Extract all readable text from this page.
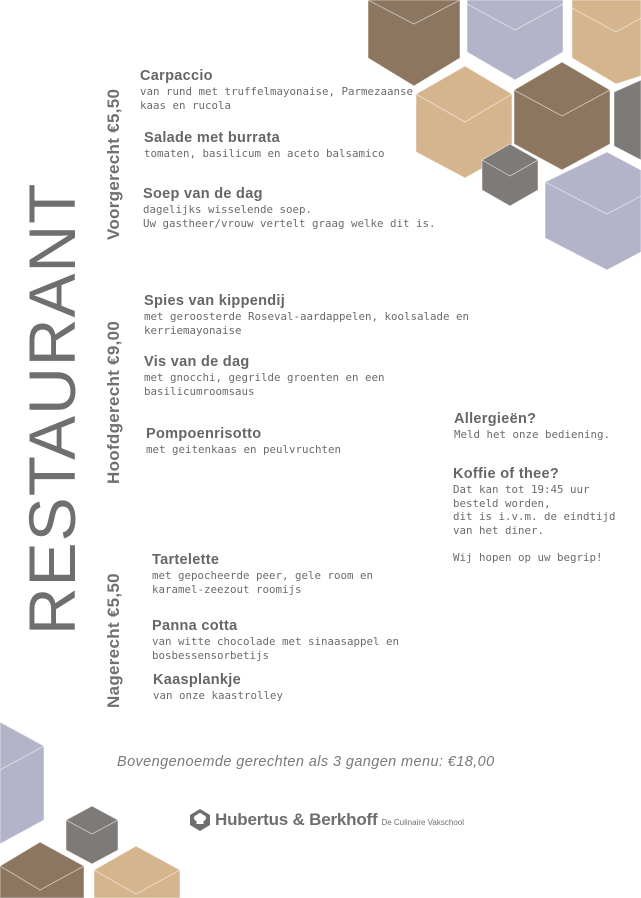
RESTAURANT
Voorgerecht €5,50
Hoofdgerecht €9,00
Nagerecht €5,50
Carpaccio
van rund met truffelmayonaise, Parmezaanse
kaas en rucola
Salade met burrata
tomaten, basilicum en aceto balsamico
Soep van de dag
dagelijks wisselende soep.
Uw gastheer/vrouw vertelt graag welke dit is.
Spies van kippendij
met geroosterde Roseval-aardappelen, koolsalade en
kerriemayonaise
Vis van de dag
met gnocchi, gegrilde groenten en een
basilicumroomsaus
Pompoenrisotto
met geitenkaas en peulvruchten
Tartelette
met gepocheerde peer, gele room en
karamel-zeezout roomijs
Panna cotta
van witte chocolade met sinaasappel en
bosbessensorbetijs
Kaasplankje
van onze kaastrolley
Allergieën?
Meld het onze bediening.
Koffie of thee?
Dat kan tot 19:45 uur
besteld worden,
dit is i.v.m. de eindtijd
van het diner.

Wij hopen op uw begrip!
Bovengenoemde gerechten als 3 gangen menu: €18,00
Hubertus & Berkhoff De Culinaire Vakschool
